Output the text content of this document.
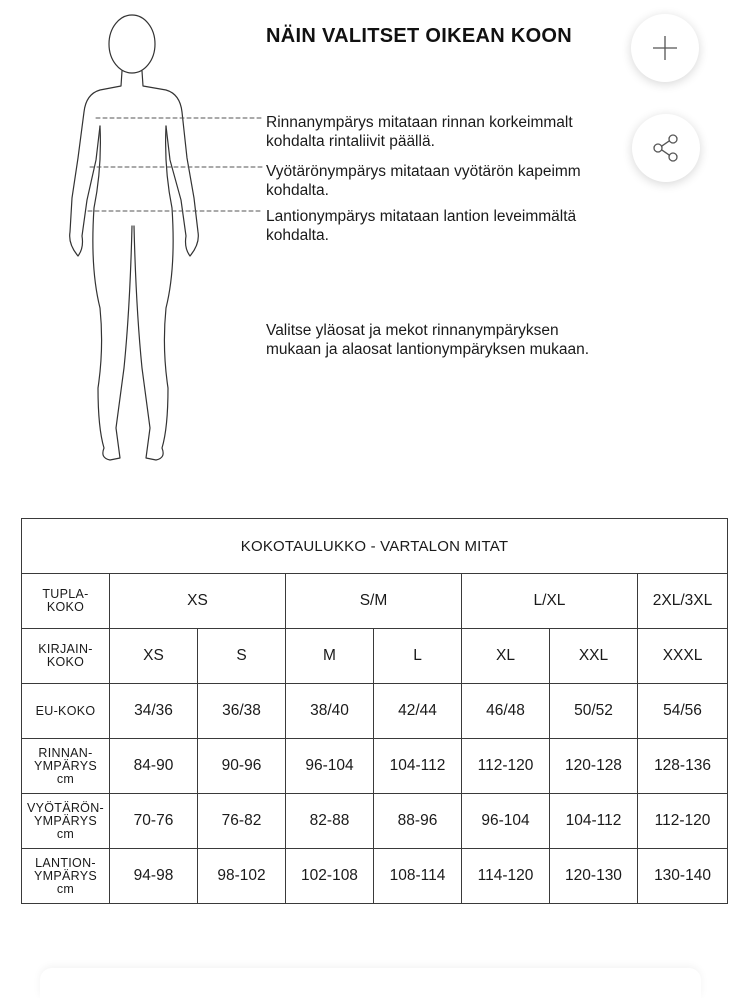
NÄIN VALITSET OIKEAN KOON
Rinnanympärys mitataan rinnan korkeimmalt
kohdalta rintaliivit päällä.
Vyötärönympärys mitataan vyötärön kapeimm
kohdalta.
Lantionympärys mitataan lantion leveimmältä
kohdalta.
Valitse yläosat ja mekot rinnanympäryksen
mukaan ja alaosat lantionympäryksen mukaan.
KOKOTAULUKKO - VARTALON MITAT							
TUPLA-
KOKO	XS		S/M		L/XL		2XL/3XL
KIRJAIN-
KOKO	XS	S	M	L	XL	XXL	XXXL
EU-KOKO	34/36	36/38	38/40	42/44	46/48	50/52	54/56
RINNAN-
YMPÄRYS
cm	84-90	90-96	96-104	104-112	112-120	120-128	128-136
VYÖTÄRÖN-
YMPÄRYS
cm	70-76	76-82	82-88	88-96	96-104	104-112	112-120
LANTION-
YMPÄRYS
cm	94-98	98-102	102-108	108-114	114-120	120-130	130-140
